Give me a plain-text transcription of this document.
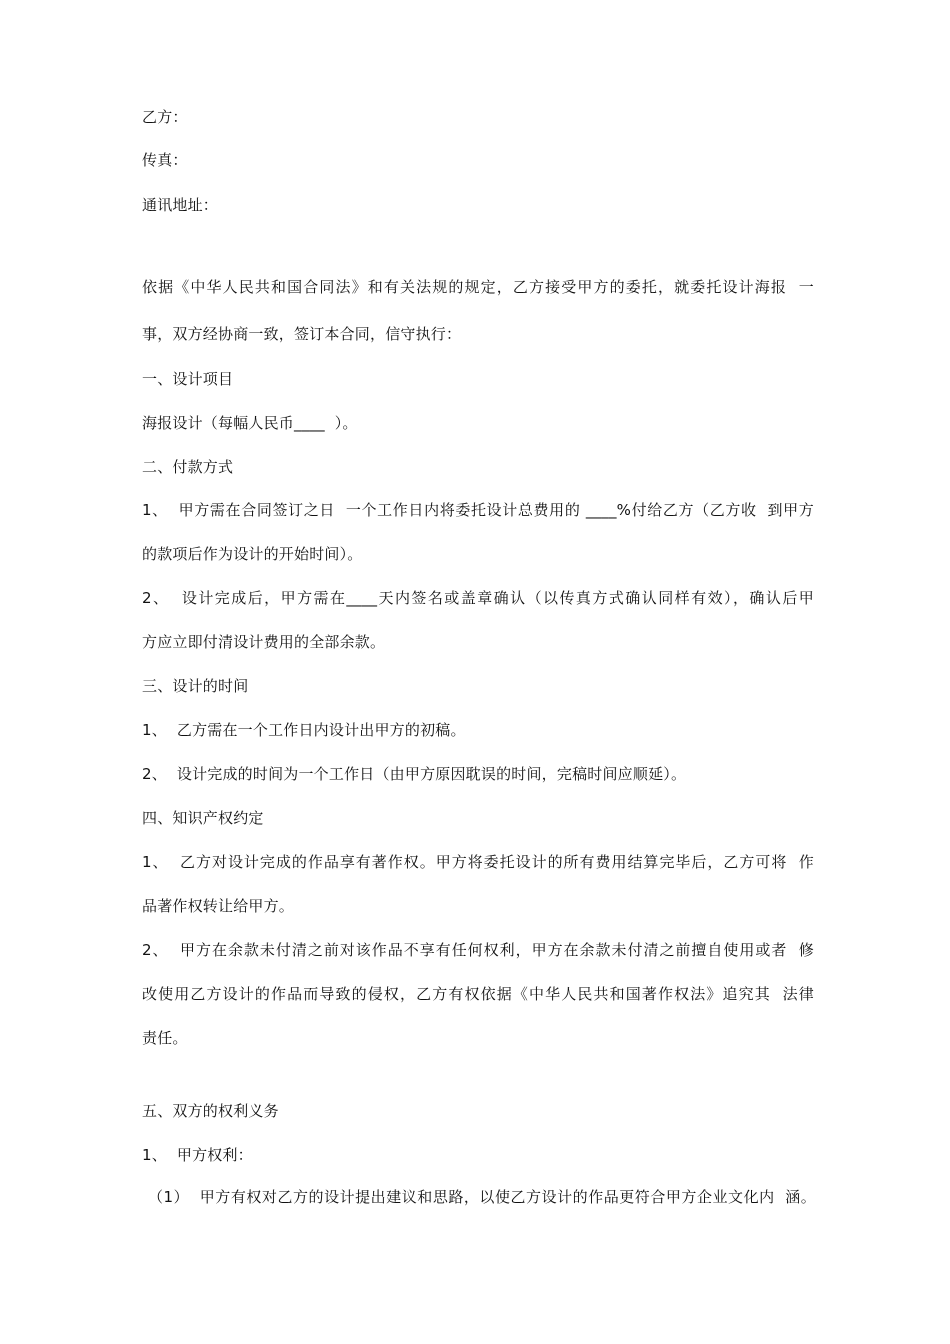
乙方：
传真：
通讯地址：
依据《中华人民共和国合同法》和有关法规的规定，乙方接受甲方的委托，就委托设计海报  一
事，双方经协商一致，签订本合同，信守执行：
一、设计项目
海报设计（每幅人民币____  ）。
二、付款方式
1、  甲方需在合同签订之日  一个工作日内将委托设计总费用的 ____%付给乙方（乙方收  到甲方
的款项后作为设计的开始时间）。
2、  设计完成后，甲方需在____天内签名或盖章确认（以传真方式确认同样有效），确认后甲
方应立即付清设计费用的全部余款。
三、设计的时间
1、  乙方需在一个工作日内设计出甲方的初稿。
2、  设计完成的时间为一个工作日（由甲方原因耽误的时间，完稿时间应顺延）。
四、知识产权约定
1、  乙方对设计完成的作品享有著作权。甲方将委托设计的所有费用结算完毕后，乙方可将  作
品著作权转让给甲方。
2、  甲方在余款未付清之前对该作品不享有任何权利，甲方在余款未付清之前擅自使用或者  修
改使用乙方设计的作品而导致的侵权，乙方有权依据《中华人民共和国著作权法》追究其  法律
责任。
五、双方的权利义务
1、  甲方权利：
（1）  甲方有权对乙方的设计提出建议和思路，以使乙方设计的作品更符合甲方企业文化内  涵。
